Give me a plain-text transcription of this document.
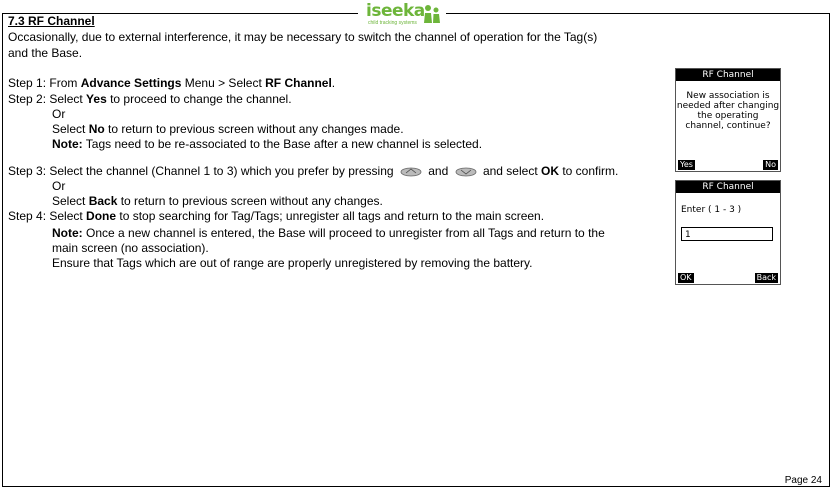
iseeka
child tracking systems
7.3 RF Channel
Occasionally, due to external interference, it may be necessary to switch the channel of operation for the Tag(s)
and the Base.
Step 1: From Advance Settings Menu > Select RF Channel.
Step 2: Select Yes to proceed to change the channel.
Or
Select No to return to previous screen without any changes made.
Note: Tags need to be re-associated to the Base after a new channel is selected.
Step 3: Select the channel (Channel 1 to 3) which you prefer by pressing  and  and select OK to confirm.
Or
Select Back to return to previous screen without any changes.
Step 4: Select Done to stop searching for Tag/Tags; unregister all tags and return to the main screen.
Note: Once a new channel is entered, the Base will proceed to unregister from all Tags and return to the
main screen (no association).
Ensure that Tags which are out of range are properly unregistered by removing the battery.
RF Channel
New association is
needed after changing
the operating
channel, continue?
Yes	No
RF Channel
Enter ( 1 - 3 )
1
OK	Back
Page 24
